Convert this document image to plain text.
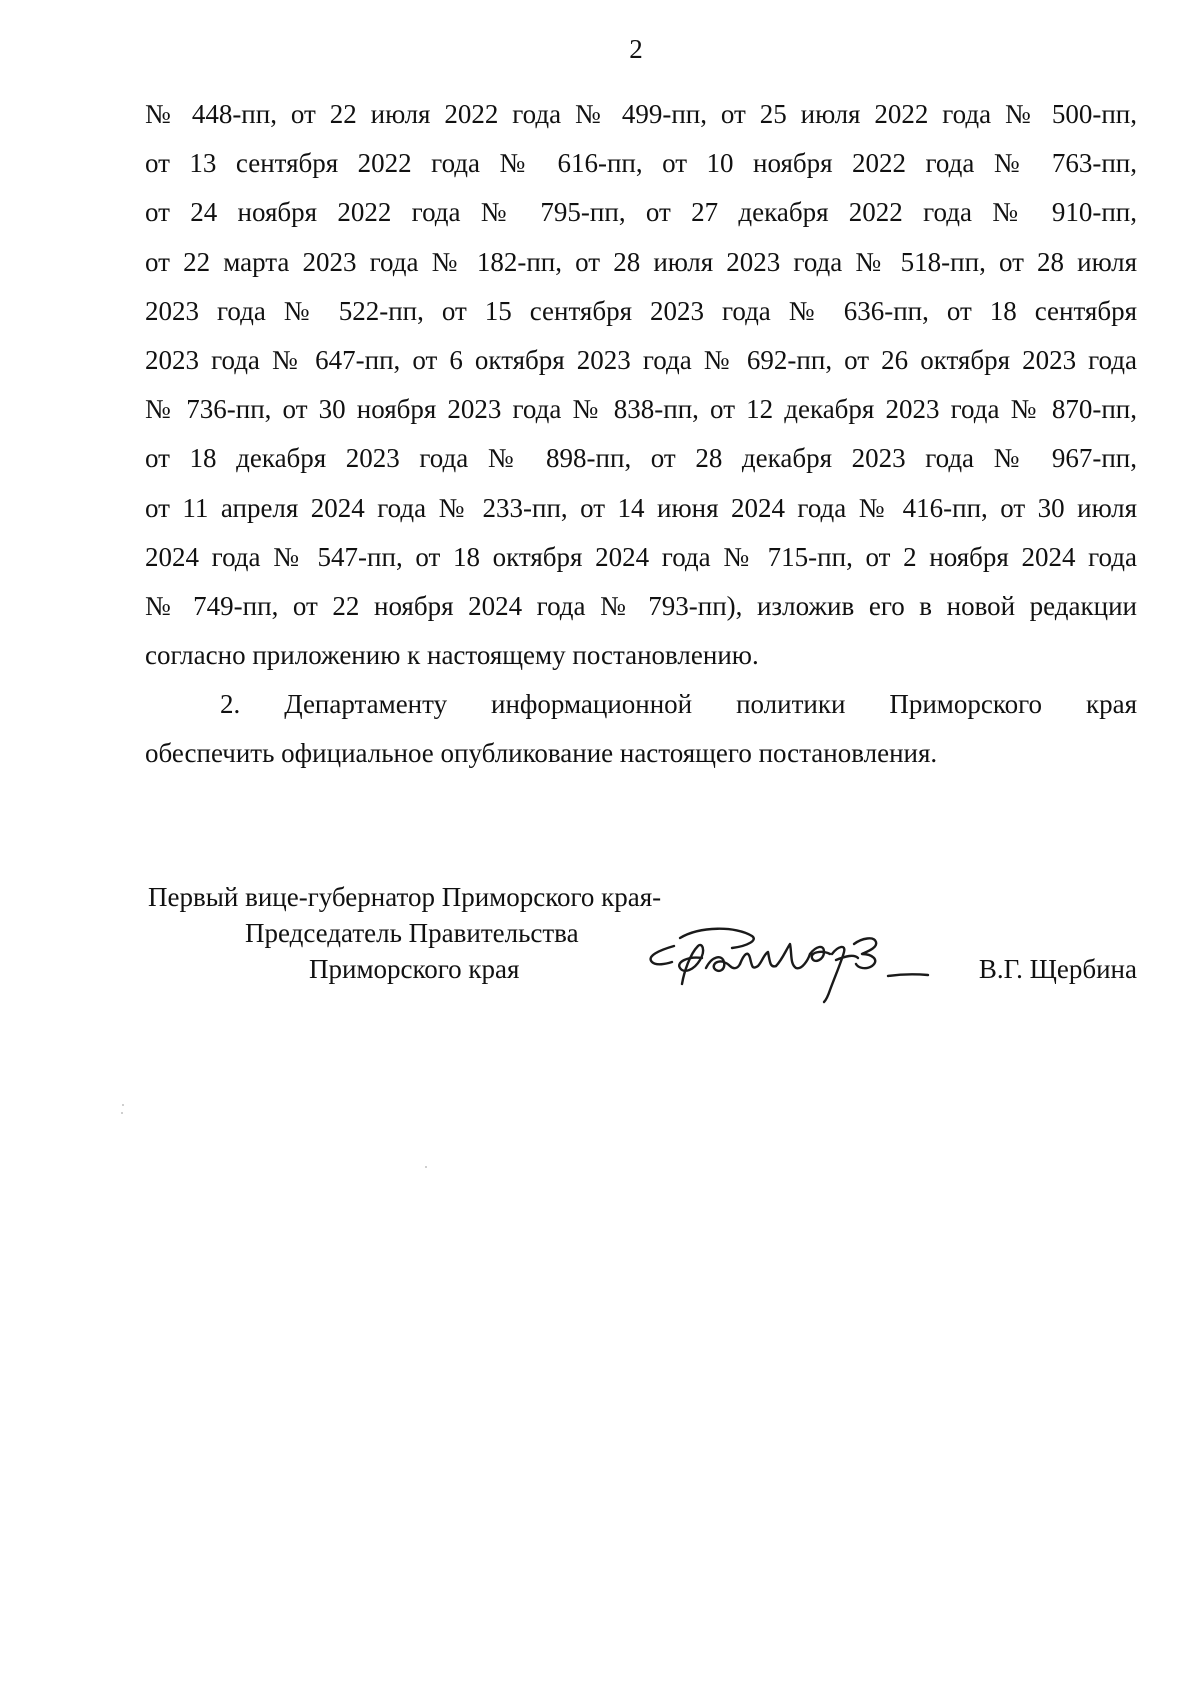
2
№ 448-пп, от 22 июля 2022 года № 499-пп, от 25 июля 2022 года № 500-пп,
от 13 сентября 2022 года № 616-пп, от 10 ноября 2022 года № 763-пп,
от 24 ноября 2022 года № 795-пп, от 27 декабря 2022 года № 910-пп,
от 22 марта 2023 года № 182-пп, от 28 июля 2023 года № 518-пп, от 28 июля
2023 года № 522-пп, от 15 сентября 2023 года № 636-пп, от 18 сентября
2023 года № 647-пп, от 6 октября 2023 года № 692-пп, от 26 октября 2023 года
№ 736-пп, от 30 ноября 2023 года № 838-пп, от 12 декабря 2023 года № 870-пп,
от 18 декабря 2023 года № 898-пп, от 28 декабря 2023 года № 967-пп,
от 11 апреля 2024 года № 233-пп, от 14 июня 2024 года № 416-пп, от 30 июля
2024 года № 547-пп, от 18 октября 2024 года № 715-пп, от 2 ноября 2024 года
№ 749-пп, от 22 ноября 2024 года № 793-пп), изложив его в новой редакции
согласно приложению к настоящему постановлению.
2. Департаменту информационной политики Приморского края
обеспечить официальное опубликование настоящего постановления.
Первый вице-губернатор Приморского края-
Председатель Правительства
Приморского края	В.Г. Щербина
